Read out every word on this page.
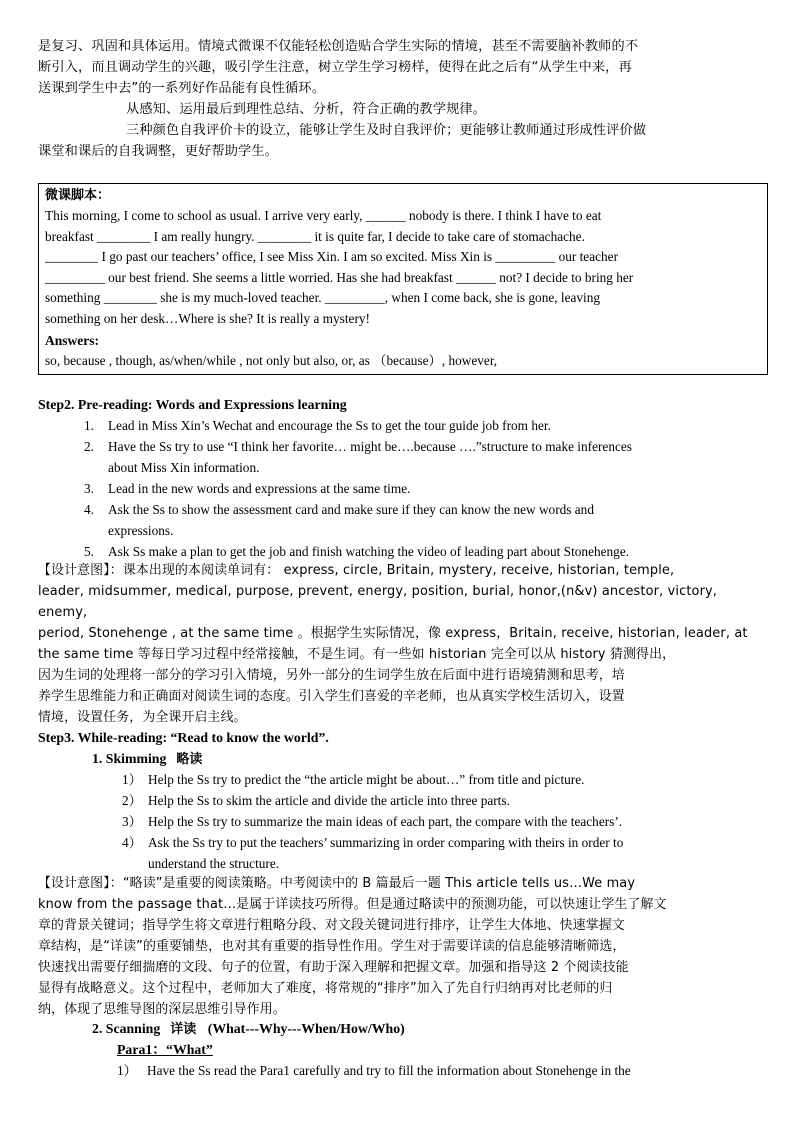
是复习、巩固和具体运用。情境式微课不仅能轻松创造贴合学生实际的情境，甚至不需要脑补教师的不
断引入，而且调动学生的兴趣，吸引学生注意，树立学生学习榜样，使得在此之后有“从学生中来，再
送课到学生中去”的一系列好作品能有良性循环。
从感知、运用最后到理性总结、分析，符合正确的教学规律。
三种颜色自我评价卡的设立，能够让学生及时自我评价；更能够让教师通过形成性评价做
课堂和课后的自我调整，更好帮助学生。
微课脚本：
This morning, I come to school as usual. I arrive very early, ______ nobody is there. I think I have to eat
breakfast ________ I am really hungry. ________ it is quite far, I decide to take care of stomachache.
________ I go past our teachers’ office, I see Miss Xin. I am so excited. Miss Xin is _________ our teacher
_________ our best friend. She seems a little worried. Has she had breakfast ______ not? I decide to bring her
something ________ she is my much-loved teacher. _________, when I come back, she is gone, leaving
something on her desk…Where is she? It is really a mystery!
Answers:
so, because , though, as/when/while , not only but also, or, as （because）, however,
Step2. Pre-reading: Words and Expressions learning
1. Lead in Miss Xin’s Wechat and encourage the Ss to get the tour guide job from her.
2. Have the Ss try to use “I think her favorite… might be….because ….”structure to make inferences
about Miss Xin information.
3. Lead in the new words and expressions at the same time.
4. Ask the Ss to show the assessment card and make sure if they can know the new words and
expressions.
5. Ask Ss make a plan to get the job and finish watching the video of leading part about Stonehenge.
【设计意图】：课本出现的本阅读单词有： express, circle, Britain, mystery, receive, historian, temple,
leader, midsummer, medical, purpose, prevent, energy, position, burial, honor,(n&v) ancestor, victory, enemy,
period, Stonehenge , at the same time 。根据学生实际情况，像 express，Britain, receive, historian, leader, at
the same time 等每日学习过程中经常接触，不是生词。有一些如 historian 完全可以从 history 猜测得出，
因为生词的处理将一部分的学习引入情境，另外一部分的生词学生放在后面中进行语境猜测和思考，培
养学生思维能力和正确面对阅读生词的态度。引入学生们喜爱的辛老师，也从真实学校生活切入，设置
情境，设置任务，为全课开启主线。
Step3. While-reading: “Read to know the world”.
1. Skimming 略读
1） Help the Ss try to predict the “the article might be about…” from title and picture.
2） Help the Ss to skim the article and divide the article into three parts.
3） Help the Ss try to summarize the main ideas of each part, the compare with the teachers’.
4） Ask the Ss try to put the teachers’ summarizing in order comparing with theirs in order to
understand the structure.
【设计意图】：“略读”是重要的阅读策略。中考阅读中的 B 篇最后一题 This article tells us…We may
know from the passage that…是属于详读技巧所得。但是通过略读中的预测功能，可以快速让学生了解文
章的背景关键词；指导学生将文章进行粗略分段、对文段关键词进行排序，让学生大体地、快速掌握文
章结构，是“详读”的重要铺垫，也对其有重要的指导性作用。学生对于需要详读的信息能够清晰筛选，
快速找出需要仔细揣磨的文段、句子的位置，有助于深入理解和把握文章。加强和指导这 2 个阅读技能
显得有战略意义。这个过程中，老师加大了难度，将常规的“排序”加入了先自行归纳再对比老师的归
纳，体现了思维导图的深层思维引导作用。
2. Scanning 详读 (What---Why---When/How/Who)
Para1：“What”
1） Have the Ss read the Para1 carefully and try to fill the information about Stonehenge in the
